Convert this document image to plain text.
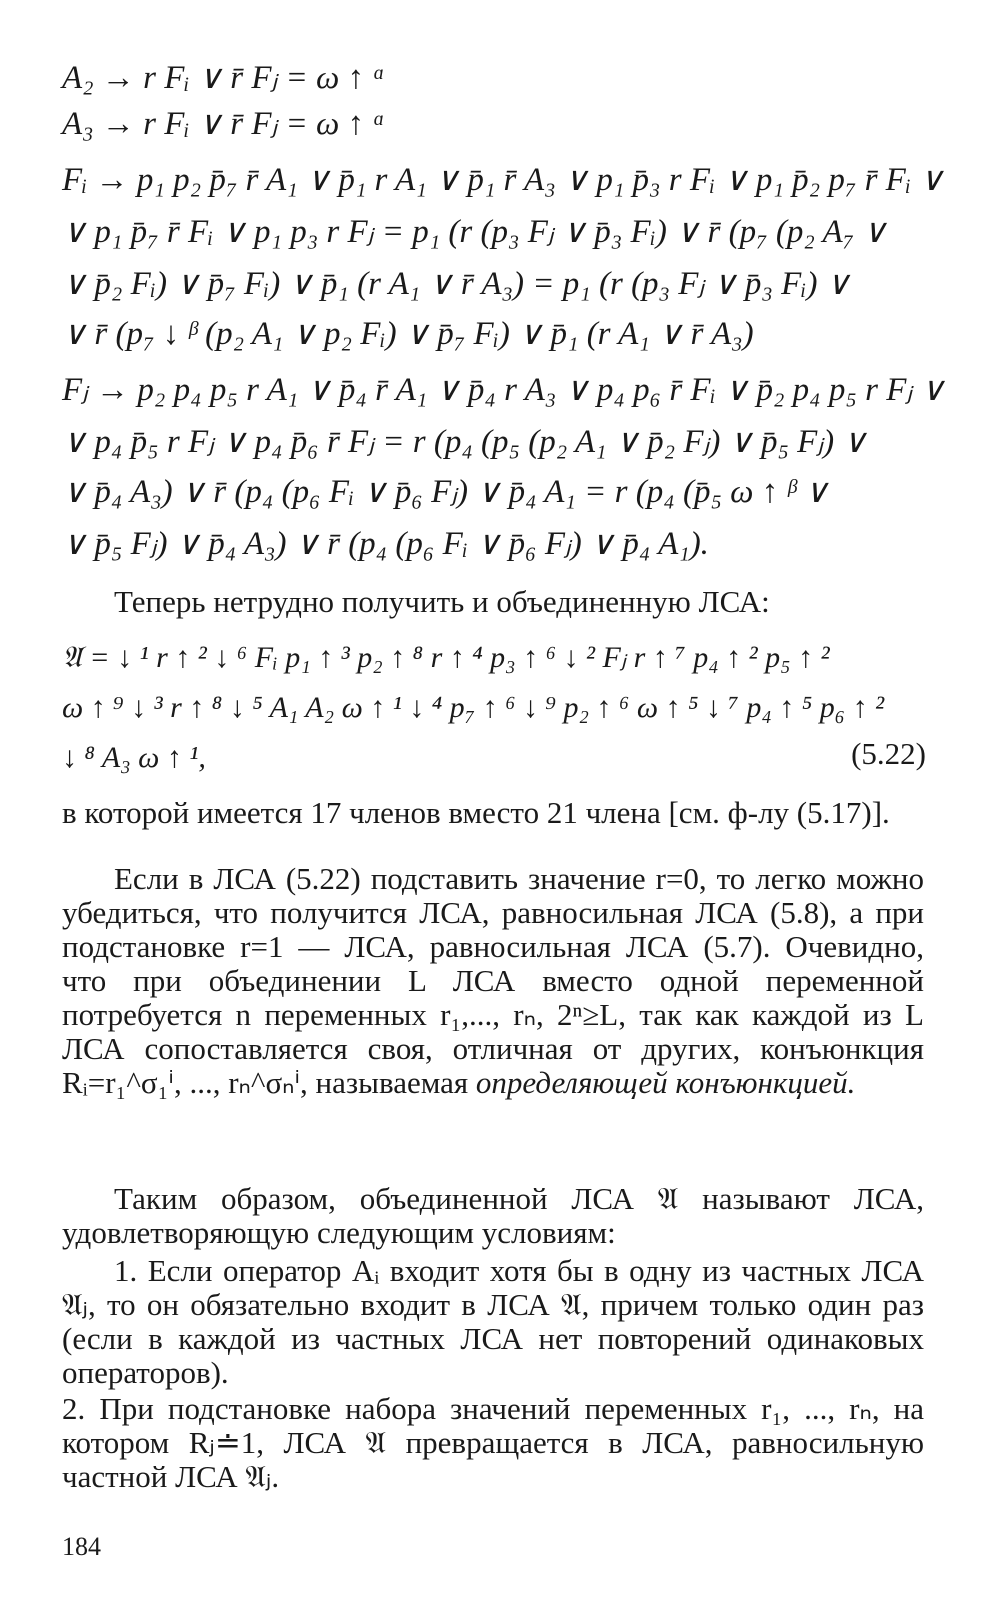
A₂ → r Fᵢ ∨ r̄ Fⱼ = ω ↑ ᵅ
A₃ → r Fᵢ ∨ r̄ Fⱼ = ω ↑ ᵅ
Fᵢ → p₁ p₂ p̄₇ r̄ A₁ ∨ p̄₁ r A₁ ∨ p̄₁ r̄ A₃ ∨ p₁ p̄₃ r Fᵢ ∨ p₁ p̄₂ p₇ r̄ Fᵢ ∨
∨ p₁ p̄₇ r̄ Fᵢ ∨ p₁ p₃ r Fⱼ = p₁ (r (p₃ Fⱼ ∨ p̄₃ Fᵢ) ∨ r̄ (p₇ (p₂ A₇ ∨
∨ p̄₂ Fᵢ) ∨ p̄₇ Fᵢ) ∨ p̄₁ (r A₁ ∨ r̄ A₃) = p₁ (r (p₃ Fⱼ ∨ p̄₃ Fᵢ) ∨
∨ r̄ (p₇ ↓ ᵝ (p₂ A₁ ∨ p₂ Fᵢ) ∨ p̄₇ Fᵢ) ∨ p̄₁ (r A₁ ∨ r̄ A₃)
Fⱼ → p₂ p₄ p₅ r A₁ ∨ p̄₄ r̄ A₁ ∨ p̄₄ r A₃ ∨ p₄ p₆ r̄ Fᵢ ∨ p̄₂ p₄ p₅ r Fⱼ ∨
∨ p₄ p̄₅ r Fⱼ ∨ p₄ p̄₆ r̄ Fⱼ = r (p₄ (p₅ (p₂ A₁ ∨ p̄₂ Fⱼ) ∨ p̄₅ Fⱼ) ∨
∨ p̄₄ A₃) ∨ r̄ (p₄ (p₆ Fᵢ ∨ p̄₆ Fⱼ) ∨ p̄₄ A₁ = r (p₄ (p̄₅ ω ↑ ᵝ ∨
∨ p̄₅ Fⱼ) ∨ p̄₄ A₃) ∨ r̄ (p₄ (p₆ Fᵢ ∨ p̄₆ Fⱼ) ∨ p̄₄ A₁).
Теперь нетрудно получить и объединенную ЛСА:
𝔄 = ↓ ¹ r ↑ ² ↓ ⁶ Fᵢ p₁ ↑ ³ p₂ ↑ ⁸ r ↑ ⁴ p₃ ↑ ⁶ ↓ ² Fⱼ r ↑ ⁷ p₄ ↑ ² p₅ ↑ ²
ω ↑ ⁹ ↓ ³ r ↑ ⁸ ↓ ⁵ A₁ A₂ ω ↑ ¹ ↓ ⁴ p₇ ↑ ⁶ ↓ ⁹ p₂ ↑ ⁶ ω ↑ ⁵ ↓ ⁷ p₄ ↑ ⁵ p₆ ↑ ²
↓ ⁸ A₃ ω ↑ ¹,	(5.22)
в которой имеется 17 членов вместо 21 члена [см. ф-лу (5.17)].
Если в ЛСА (5.22) подставить значение r=0, то легко можно убедиться, что получится ЛСА, равносильная ЛСА (5.8), а при подстановке r=1 — ЛСА, равносильная ЛСА (5.7). Очевидно, что при объединении L ЛСА вместо одной переменной потребуется n переменных r₁,..., rₙ, 2ⁿ≥L, так как каждой из L ЛСА сопоставляется своя, отличная от других, конъюнкция Rᵢ=r₁^σ₁ⁱ, ..., rₙ^σₙⁱ, называемая определяющей конъюнкцией.
Таким образом, объединенной ЛСА 𝔄 называют ЛСА, удовлетворяющую следующим условиям:
1. Если оператор Aᵢ входит хотя бы в одну из частных ЛСА 𝔄ⱼ, то он обязательно входит в ЛСА 𝔄, причем только один раз (если в каждой из частных ЛСА нет повторений одинаковых операторов).
2. При подстановке набора значений переменных r₁, ..., rₙ, на котором Rⱼ≐1, ЛСА 𝔄 превращается в ЛСА, равносильную частной ЛСА 𝔄ⱼ.
184
